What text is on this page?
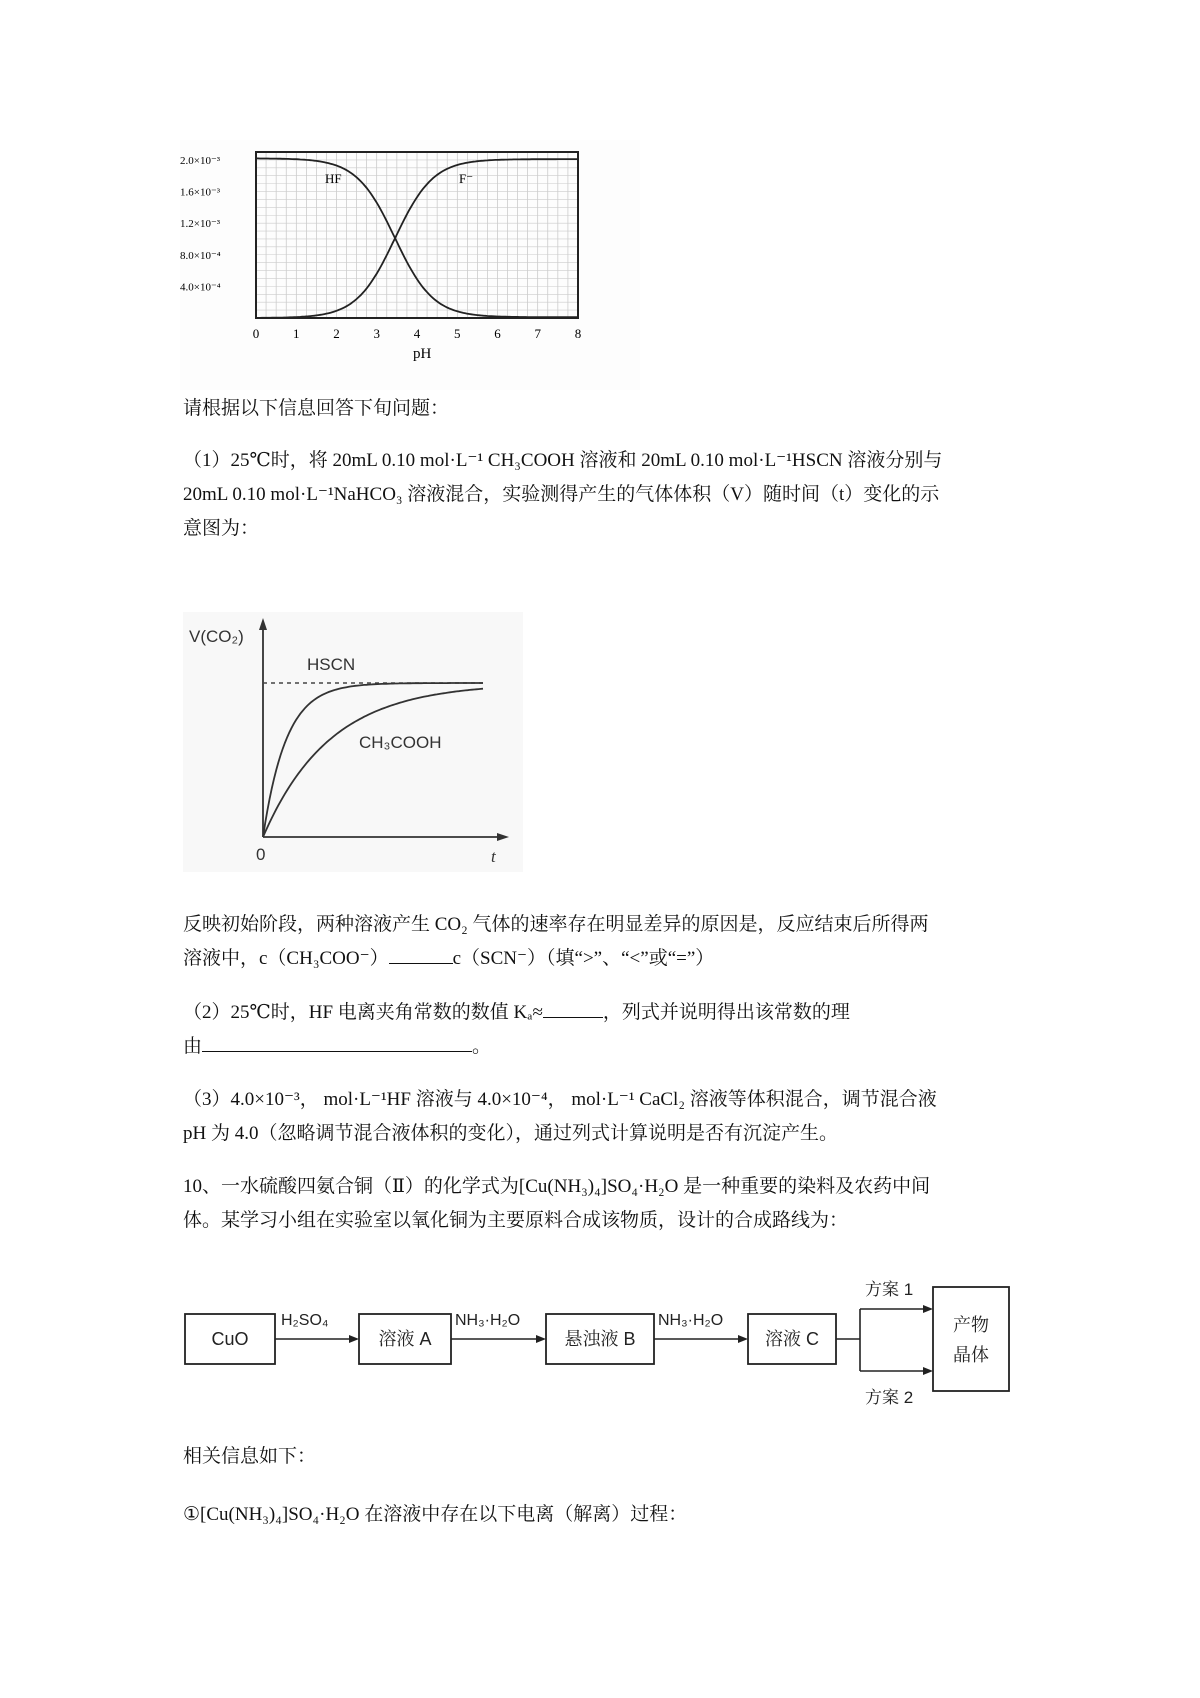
2.0×10⁻³
1.6×10⁻³
1.2×10⁻³
8.0×10⁻⁴
4.0×10⁻⁴
0	1	2	3	4	5	6	7	8
HF	F⁻
pH
请根据以下信息回答下旬问题：
（1）25℃时，将 20mL 0.10 mol·L⁻¹ CH₃COOH 溶液和 20mL 0.10 mol·L⁻¹HSCN 溶液分别与
20mL 0.10 mol·L⁻¹NaHCO₃ 溶液混合，实验测得产生的气体体积（V）随时间（t）变化的示
意图为：
V(CO₂)
HSCN
CH₃COOH
0	t
反映初始阶段，两种溶液产生 CO₂ 气体的速率存在明显差异的原因是，反应结束后所得两
溶液中，c（CH₃COO⁻）	c（SCN⁻）（填“>”、“<”或“=”）
（2）25℃时，HF 电离夹角常数的数值 Kₐ≈	，列式并说明得出该常数的理
由	。
（3）4.0×10⁻³， mol·L⁻¹HF 溶液与 4.0×10⁻⁴， mol·L⁻¹ CaCl₂ 溶液等体积混合，调节混合液
pH 为 4.0（忽略调节混合液体积的变化），通过列式计算说明是否有沉淀产生。
10、一水硫酸四氨合铜（Ⅱ）的化学式为[Cu(NH₃)₄]SO₄·H₂O 是一种重要的染料及农药中间
体。某学习小组在实验室以氧化铜为主要原料合成该物质，设计的合成路线为：
CuO
H₂SO₄
溶液 A
NH₃·H₂O
悬浊液 B
NH₃·H₂O
溶液 C
方案 1
方案 2
产物
晶体
相关信息如下：
①[Cu(NH₃)₄]SO₄·H₂O 在溶液中存在以下电离（解离）过程：
